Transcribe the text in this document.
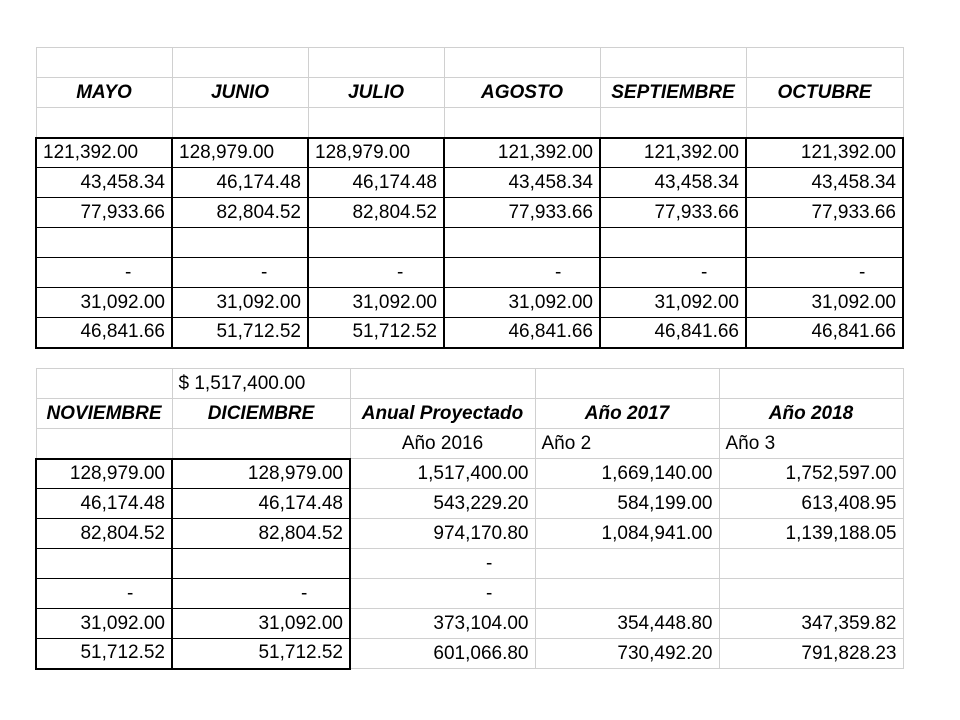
MAYO	JUNIO	JULIO	AGOSTO	SEPTIEMBRE	OCTUBRE

121,392.00	128,979.00	128,979.00	121,392.00	121,392.00	121,392.00
43,458.34	46,174.48	46,174.48	43,458.34	43,458.34	43,458.34
77,933.66	82,804.52	82,804.52	77,933.66	77,933.66	77,933.66

-	-	-	-	-	-
31,092.00	31,092.00	31,092.00	31,092.00	31,092.00	31,092.00
46,841.66	51,712.52	51,712.52	46,841.66	46,841.66	46,841.66
	$ 1,517,400.00			
NOVIEMBRE	DICIEMBRE	Anual Proyectado	Año 2017	Año 2018
		Año 2016	Año 2	Año 3
128,979.00	128,979.00	1,517,400.00	1,669,140.00	1,752,597.00
46,174.48	46,174.48	543,229.20	584,199.00	613,408.95
82,804.52	82,804.52	974,170.80	1,084,941.00	1,139,188.05
		-		
-	-	-		
31,092.00	31,092.00	373,104.00	354,448.80	347,359.82
51,712.52	51,712.52	601,066.80	730,492.20	791,828.23
